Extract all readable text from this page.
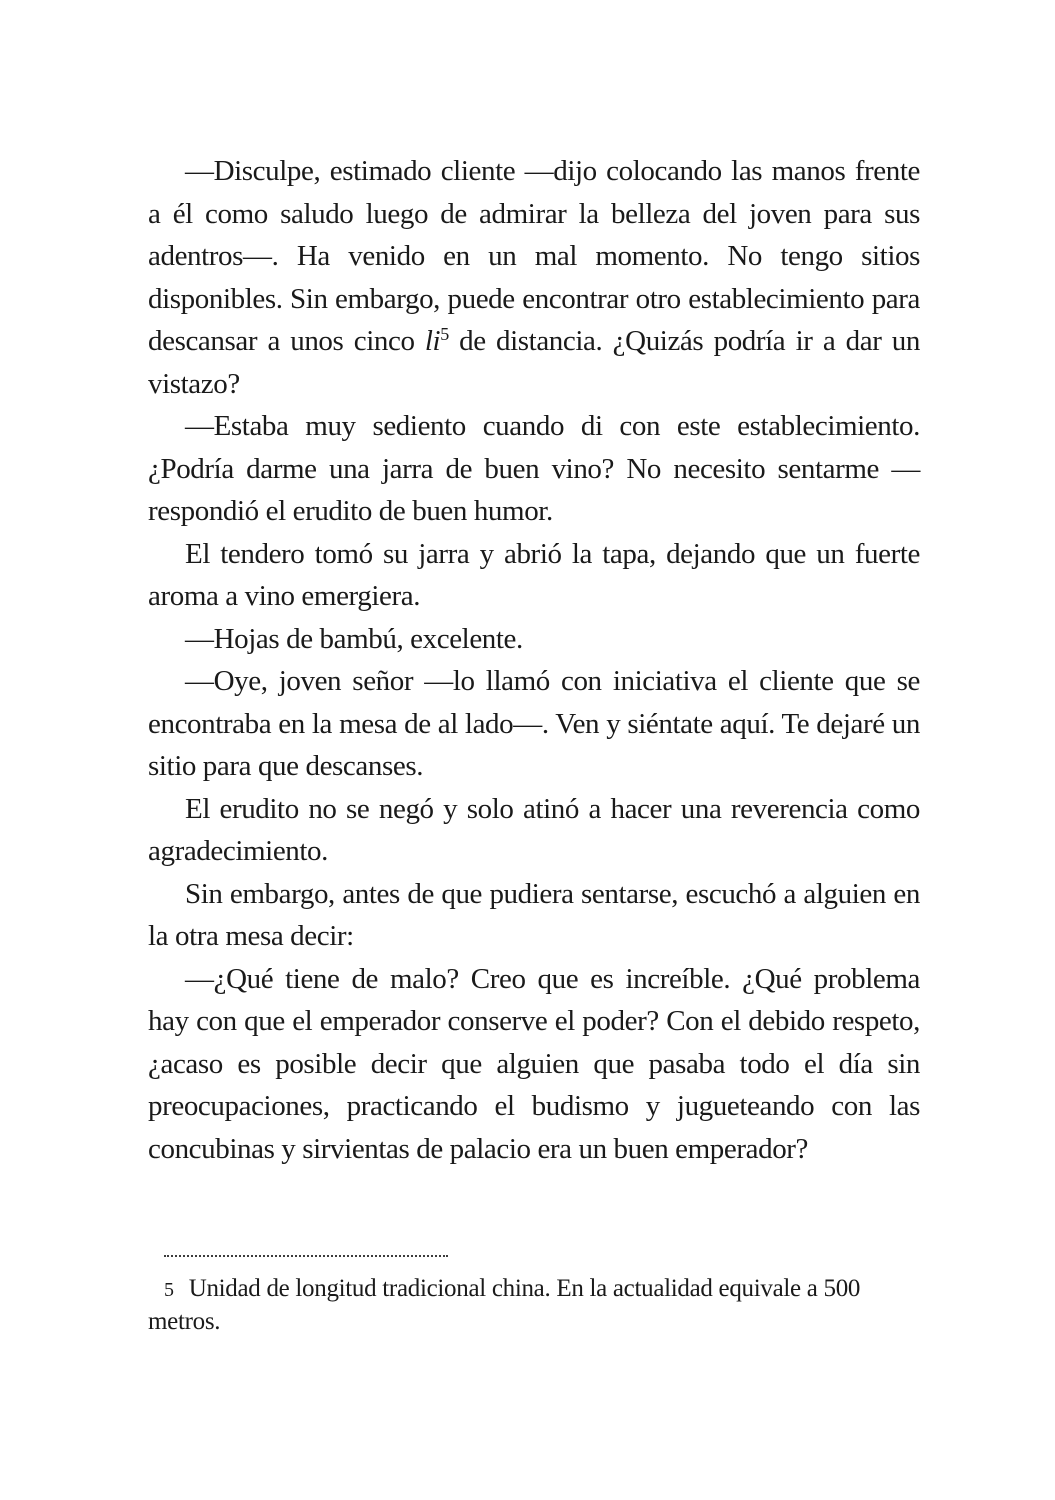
—Disculpe, estimado cliente —dijo colocando las manos frente a él como saludo luego de admirar la belleza del joven para sus adentros—. Ha venido en un mal momento. No tengo sitios disponibles. Sin embargo, puede encontrar otro establecimiento para descansar a unos cinco li$^5$ de distancia. ¿Quizás podría ir a dar un vistazo?

—Estaba muy sediento cuando di con este establecimiento. ¿Podría darme una jarra de buen vino? No necesito sentarme —respondió el erudito de buen humor.

El tendero tomó su jarra y abrió la tapa, dejando que un fuerte aroma a vino emergiera.

—Hojas de bambú, excelente.

—Oye, joven señor —lo llamó con iniciativa el cliente que se encontraba en la mesa de al lado—. Ven y siéntate aquí. Te dejaré un sitio para que descanses.

El erudito no se negó y solo atinó a hacer una reverencia como agradecimiento.

Sin embargo, antes de que pudiera sentarse, escuchó a alguien en la otra mesa decir:

—¿Qué tiene de malo? Creo que es increíble. ¿Qué problema hay con que el emperador conserve el poder? Con el debido respeto, ¿acaso es posible decir que alguien que pasaba todo el día sin preocupaciones, practicando el budismo y jugueteando con las concubinas y sirvientas de palacio era un buen emperador?

5 Unidad de longitud tradicional china. En la actualidad equivale a 500 metros.
